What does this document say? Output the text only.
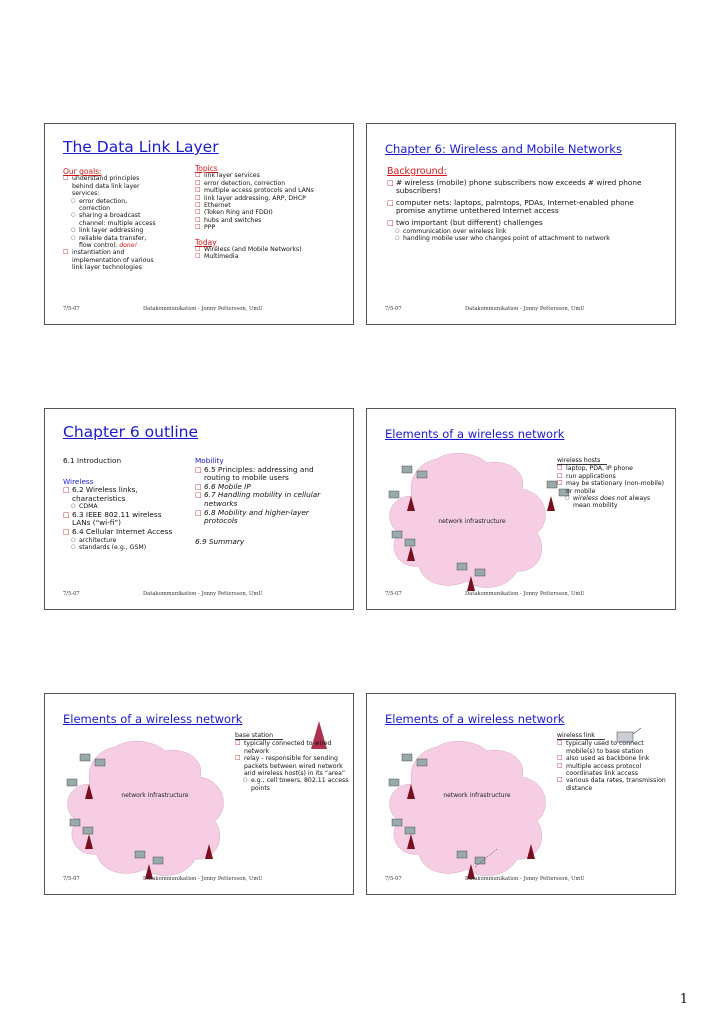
The Data Link Layer
Our goals:
□ understand principles behind data link layer services:
○ error detection, correction
○ sharing a broadcast channel: multiple access
○ link layer addressing
○ reliable data transfer, flow control: done!
□ instantiation and implementation of various link layer technologies
Topics
□ link layer services
□ error detection, correction
□ multiple access protocols and LANs
□ link layer addressing, ARP, DHCP
□ Ethernet
□ (Token Ring and FDDI)
□ hubs and switches
□ PPP
Today
□ Wireless (and Mobile Networks)
□ Multimedia
7/5-07	Datakommunikation - Jonny Pettersson, UmU
Chapter 6: Wireless and Mobile Networks
Background:
□ # wireless (mobile) phone subscribers now exceeds # wired phone subscribers!
□ computer nets: laptops, palmtops, PDAs, Internet-enabled phone promise anytime untethered Internet access
□ two important (but different) challenges
○ communication over wireless link
○ handling mobile user who changes point of attachment to network
7/5-07	Datakommunikation - Jonny Pettersson, UmU
Chapter 6 outline
6.1 Introduction
Wireless
□ 6.2 Wireless links, characteristics
○ CDMA
□ 6.3 IEEE 802.11 wireless LANs (“wi-fi”)
□ 6.4 Cellular Internet Access
○ architecture
○ standards (e.g., GSM)
Mobility
□ 6.5 Principles: addressing and routing to mobile users
□ 6.6 Mobile IP
□ 6.7 Handling mobility in cellular networks
□ 6.8 Mobility and higher-layer protocols
6.9 Summary
7/5-07	Datakommunikation - Jonny Pettersson, UmU
Elements of a wireless network
network infrastructure
wireless hosts
□ laptop, PDA, IP phone
□ run applications
□ may be stationary (non-mobile) or mobile
○ wireless does not always mean mobility
7/5-07	Datakommunikation - Jonny Pettersson, UmU
Elements of a wireless network
network infrastructure
base station
□ typically connected to wired network
□ relay - responsible for sending packets between wired network and wireless host(s) in its “area”
○ e.g., cell towers, 802.11 access points
7/5-07	Datakommunikation - Jonny Pettersson, UmU
Elements of a wireless network
network infrastructure
wireless link
□ typically used to connect mobile(s) to base station
□ also used as backbone link
□ multiple access protocol coordinates link access
□ various data rates, transmission distance
7/5-07	Datakommunikation - Jonny Pettersson, UmU
1
